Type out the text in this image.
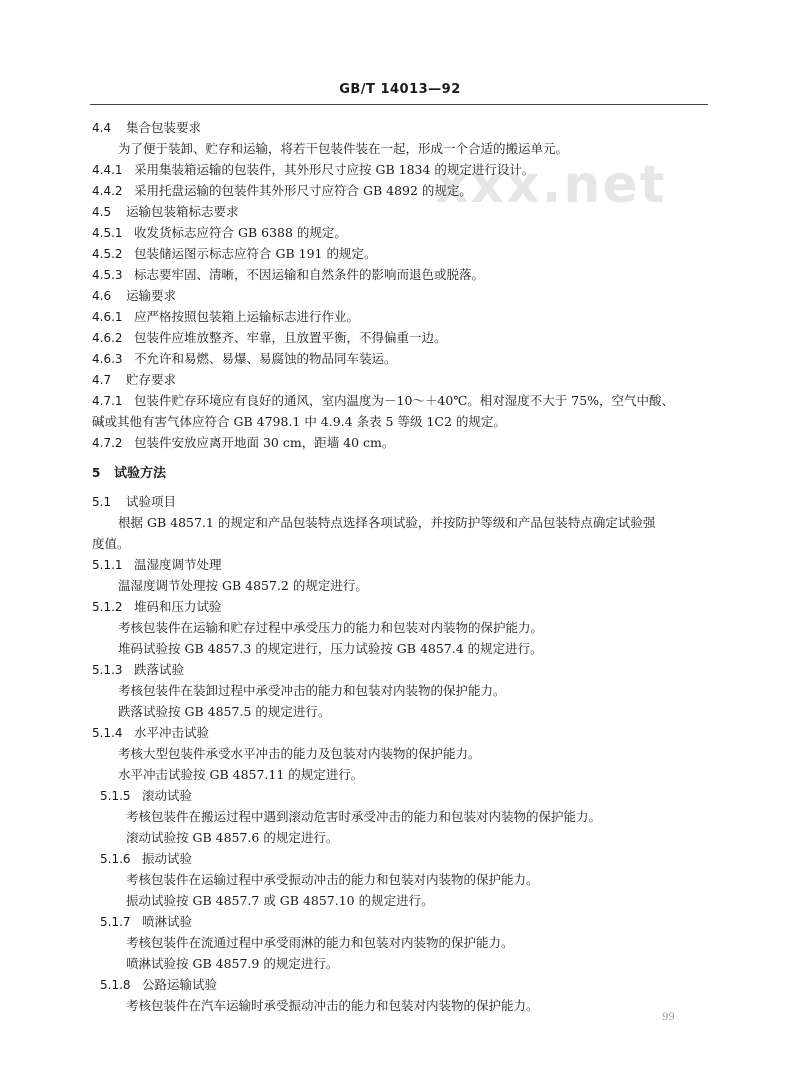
GB/T 14013—92
xxx.net
4.4 集合包装要求
为了便于装卸、贮存和运输，将若干包装件装在一起，形成一个合适的搬运单元。
4.4.1 采用集装箱运输的包装件，其外形尺寸应按 GB 1834 的规定进行设计。
4.4.2 采用托盘运输的包装件其外形尺寸应符合 GB 4892 的规定。
4.5 运输包装箱标志要求
4.5.1 收发货标志应符合 GB 6388 的规定。
4.5.2 包装储运图示标志应符合 GB 191 的规定。
4.5.3 标志要牢固、清晰，不因运输和自然条件的影响而退色或脱落。
4.6 运输要求
4.6.1 应严格按照包装箱上运输标志进行作业。
4.6.2 包装件应堆放整齐、牢靠，且放置平衡，不得偏重一边。
4.6.3 不允许和易燃、易爆、易腐蚀的物品同车装运。
4.7 贮存要求
4.7.1 包装件贮存环境应有良好的通风，室内温度为－10～＋40℃。相对湿度不大于 75%，空气中酸、
碱或其他有害气体应符合 GB 4798.1 中 4.9.4 条表 5 等级 1C2 的规定。
4.7.2 包装件安放应离开地面 30 cm，距墙 40 cm。
5 试验方法
5.1 试验项目
根据 GB 4857.1 的规定和产品包装特点选择各项试验，并按防护等级和产品包装特点确定试验强
度值。
5.1.1 温湿度调节处理
温湿度调节处理按 GB 4857.2 的规定进行。
5.1.2 堆码和压力试验
考核包装件在运输和贮存过程中承受压力的能力和包装对内装物的保护能力。
堆码试验按 GB 4857.3 的规定进行，压力试验按 GB 4857.4 的规定进行。
5.1.3 跌落试验
考核包装件在装卸过程中承受冲击的能力和包装对内装物的保护能力。
跌落试验按 GB 4857.5 的规定进行。
5.1.4 水平冲击试验
考核大型包装件承受水平冲击的能力及包装对内装物的保护能力。
水平冲击试验按 GB 4857.11 的规定进行。
5.1.5 滚动试验
考核包装件在搬运过程中遇到滚动危害时承受冲击的能力和包装对内装物的保护能力。
滚动试验按 GB 4857.6 的规定进行。
5.1.6 振动试验
考核包装件在运输过程中承受振动冲击的能力和包装对内装物的保护能力。
振动试验按 GB 4857.7 或 GB 4857.10 的规定进行。
5.1.7 喷淋试验
考核包装件在流通过程中承受雨淋的能力和包装对内装物的保护能力。
喷淋试验按 GB 4857.9 的规定进行。
5.1.8 公路运输试验
考核包装件在汽车运输时承受振动冲击的能力和包装对内装物的保护能力。
99
